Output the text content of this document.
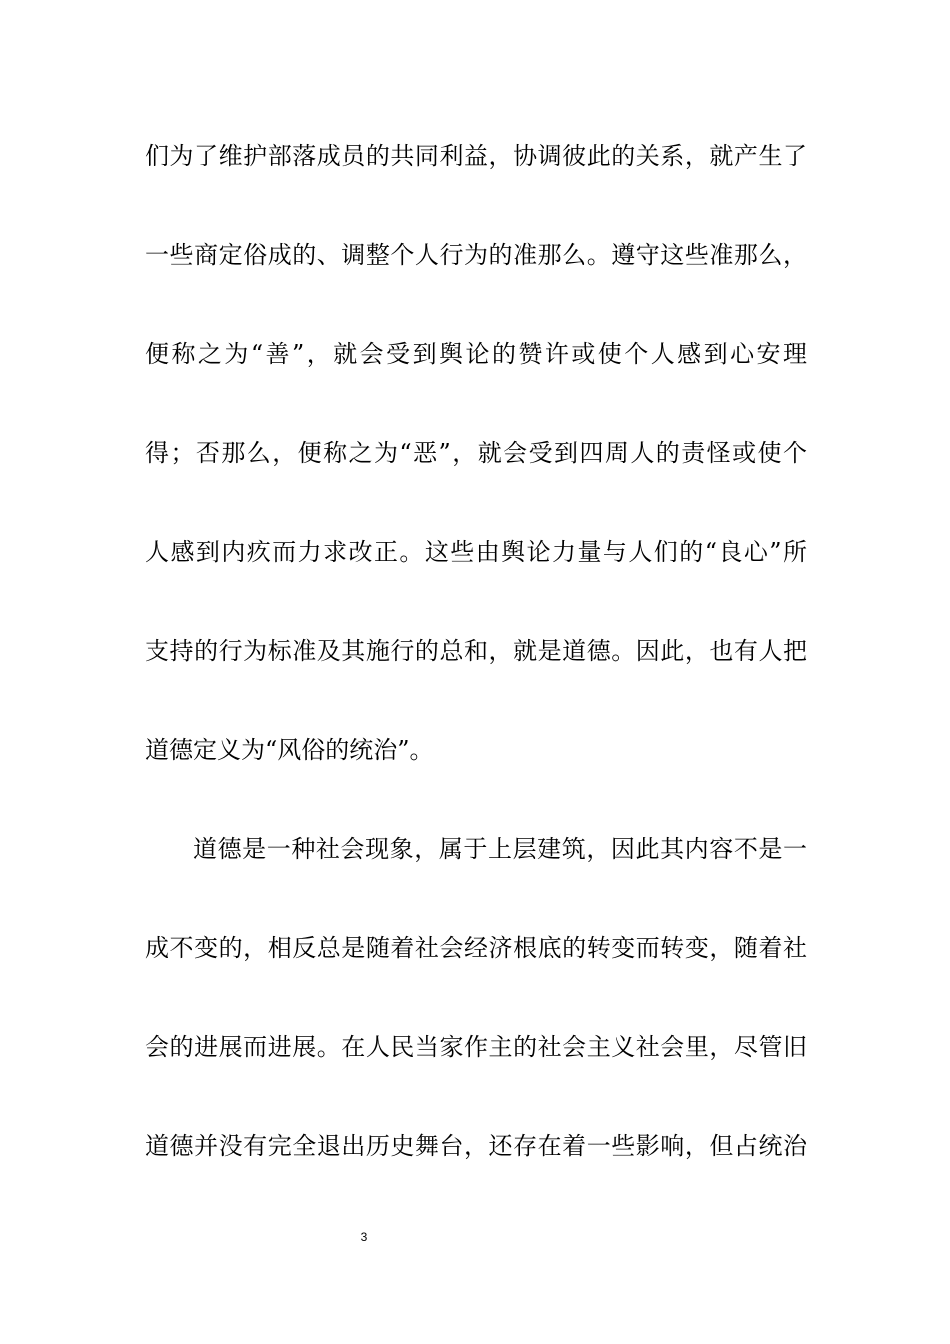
们为了维护部落成员的共同利益，协调彼此的关系，就产生了
一些商定俗成的、调整个人行为的准那么。遵守这些准那么，
便称之为“善”，就会受到舆论的赞许或使个人感到心安理
得；否那么，便称之为“恶”，就会受到四周人的责怪或使个
人感到内疚而力求改正。这些由舆论力量与人们的“良心”所
支持的行为标准及其施行的总和，就是道德。因此，也有人把
道德定义为“风俗的统治”。
道德是一种社会现象，属于上层建筑，因此其内容不是一
成不变的，相反总是随着社会经济根底的转变而转变，随着社
会的进展而进展。在人民当家作主的社会主义社会里，尽管旧
道德并没有完全退出历史舞台，还存在着一些影响，但占统治
3
